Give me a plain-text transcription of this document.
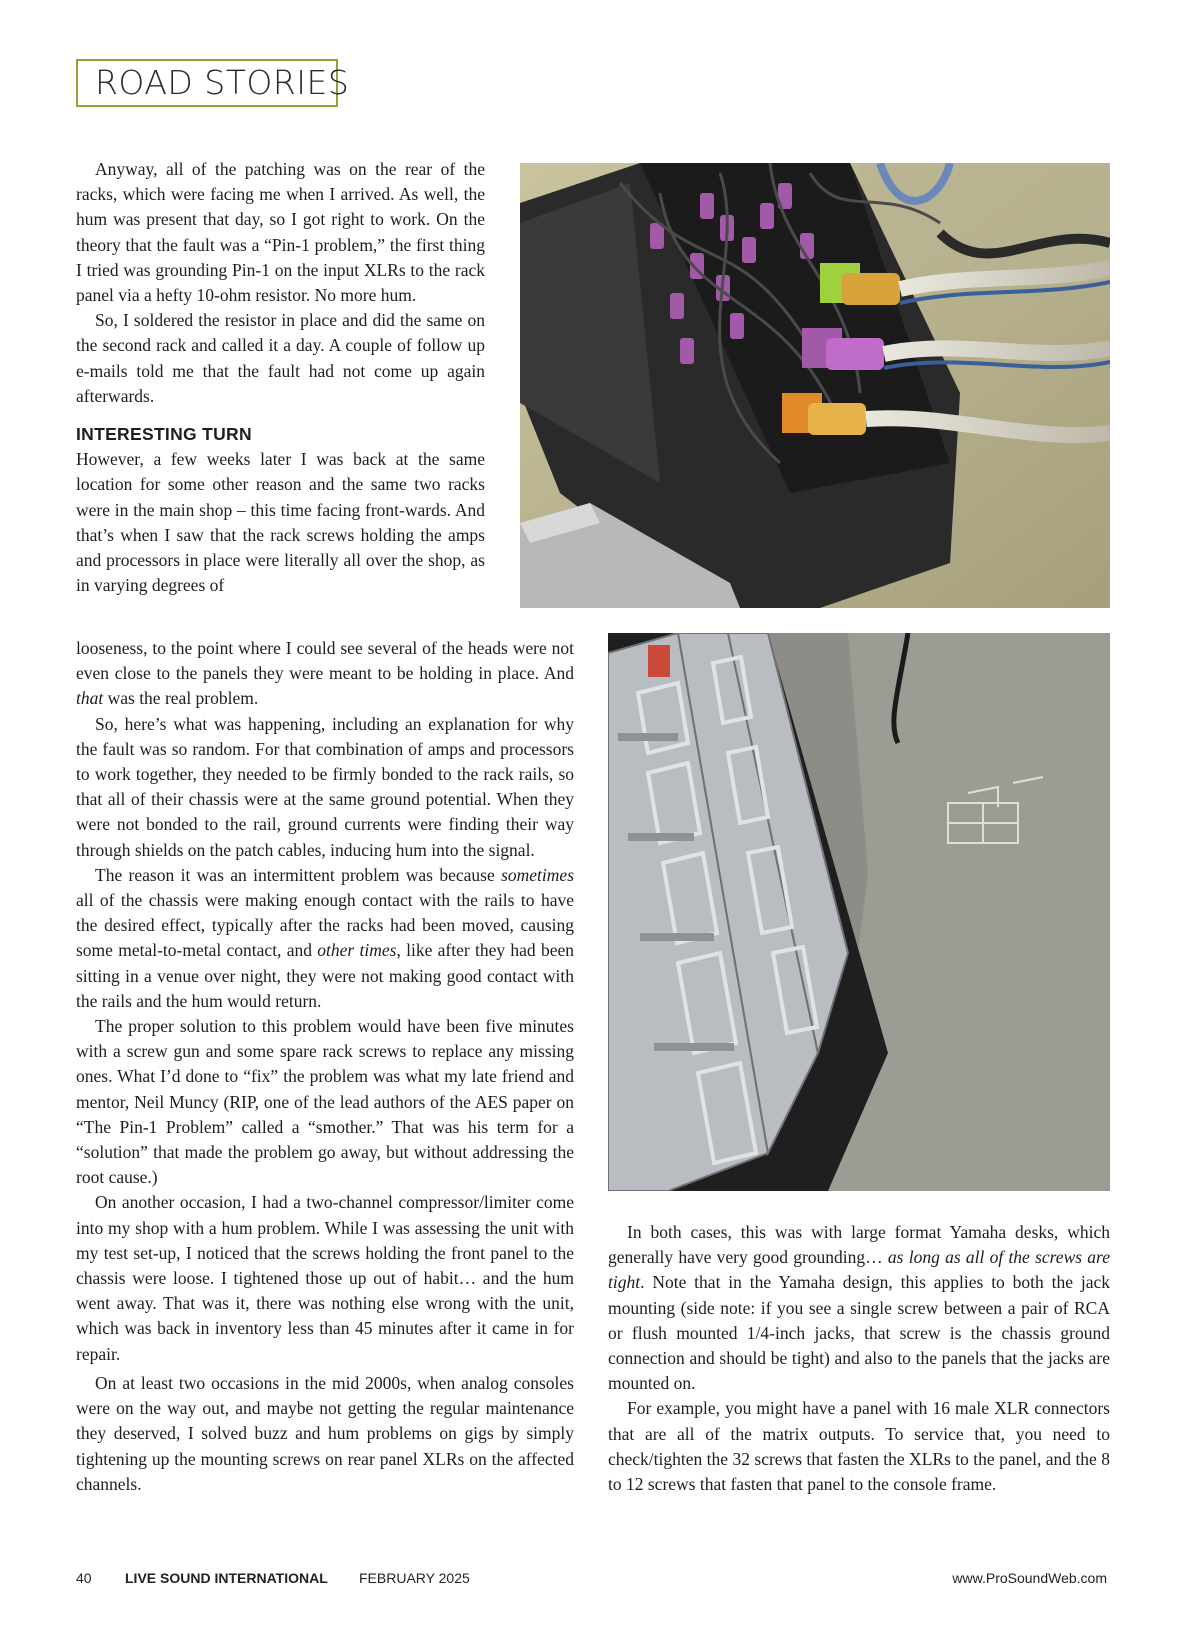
ROAD STORIES

Anyway, all of the patching was on the rear of the racks, which were facing me when I arrived. As well, the hum was present that day, so I got right to work. On the theory that the fault was a “Pin-1 problem,” the first thing I tried was grounding Pin-1 on the input XLRs to the rack panel via a hefty 10-ohm resistor. No more hum.

So, I soldered the resistor in place and did the same on the second rack and called it a day. A couple of follow up e-mails told me that the fault had not come up again afterwards.

INTERESTING TURN

However, a few weeks later I was back at the same location for some other reason and the same two racks were in the main shop – this time facing front-wards. And that’s when I saw that the rack screws holding the amps and processors in place were literally all over the shop, as in varying degrees of

looseness, to the point where I could see several of the heads were not even close to the panels they were meant to be holding in place. And that was the real problem.

So, here’s what was happening, including an explanation for why the fault was so random. For that combination of amps and processors to work together, they needed to be firmly bonded to the rack rails, so that all of their chassis were at the same ground potential. When they were not bonded to the rail, ground currents were finding their way through shields on the patch cables, inducing hum into the signal.

The reason it was an intermittent problem was because sometimes all of the chassis were making enough contact with the rails to have the desired effect, typically after the racks had been moved, causing some metal-to-metal contact, and other times, like after they had been sitting in a venue over night, they were not making good contact with the rails and the hum would return.

The proper solution to this problem would have been five minutes with a screw gun and some spare rack screws to replace any missing ones. What I’d done to “fix” the problem was what my late friend and mentor, Neil Muncy (RIP, one of the lead authors of the AES paper on “The Pin-1 Problem” called a “smother.” That was his term for a “solution” that made the problem go away, but without addressing the root cause.)

On another occasion, I had a two-channel compressor/limiter come into my shop with a hum problem. While I was assessing the unit with my test set-up, I noticed that the screws holding the front panel to the chassis were loose. I tightened those up out of habit… and the hum went away. That was it, there was nothing else wrong with the unit, which was back in inventory less than 45 minutes after it came in for repair.

On at least two occasions in the mid 2000s, when analog consoles were on the way out, and maybe not getting the regular maintenance they deserved, I solved buzz and hum problems on gigs by simply tightening up the mounting screws on rear panel XLRs on the affected channels.

In both cases, this was with large format Yamaha desks, which generally have very good grounding… as long as all of the screws are tight. Note that in the Yamaha design, this applies to both the jack mounting (side note: if you see a single screw between a pair of RCA or flush mounted 1/4-inch jacks, that screw is the chassis ground connection and should be tight) and also to the panels that the jacks are mounted on.

For example, you might have a panel with 16 male XLR connectors that are all of the matrix outputs. To service that, you need to check/tighten the 32 screws that fasten the XLRs to the panel, and the 8 to 12 screws that fasten that panel to the console frame.

40 LIVE SOUND INTERNATIONAL FEBRUARY 2025	www.ProSoundWeb.com
